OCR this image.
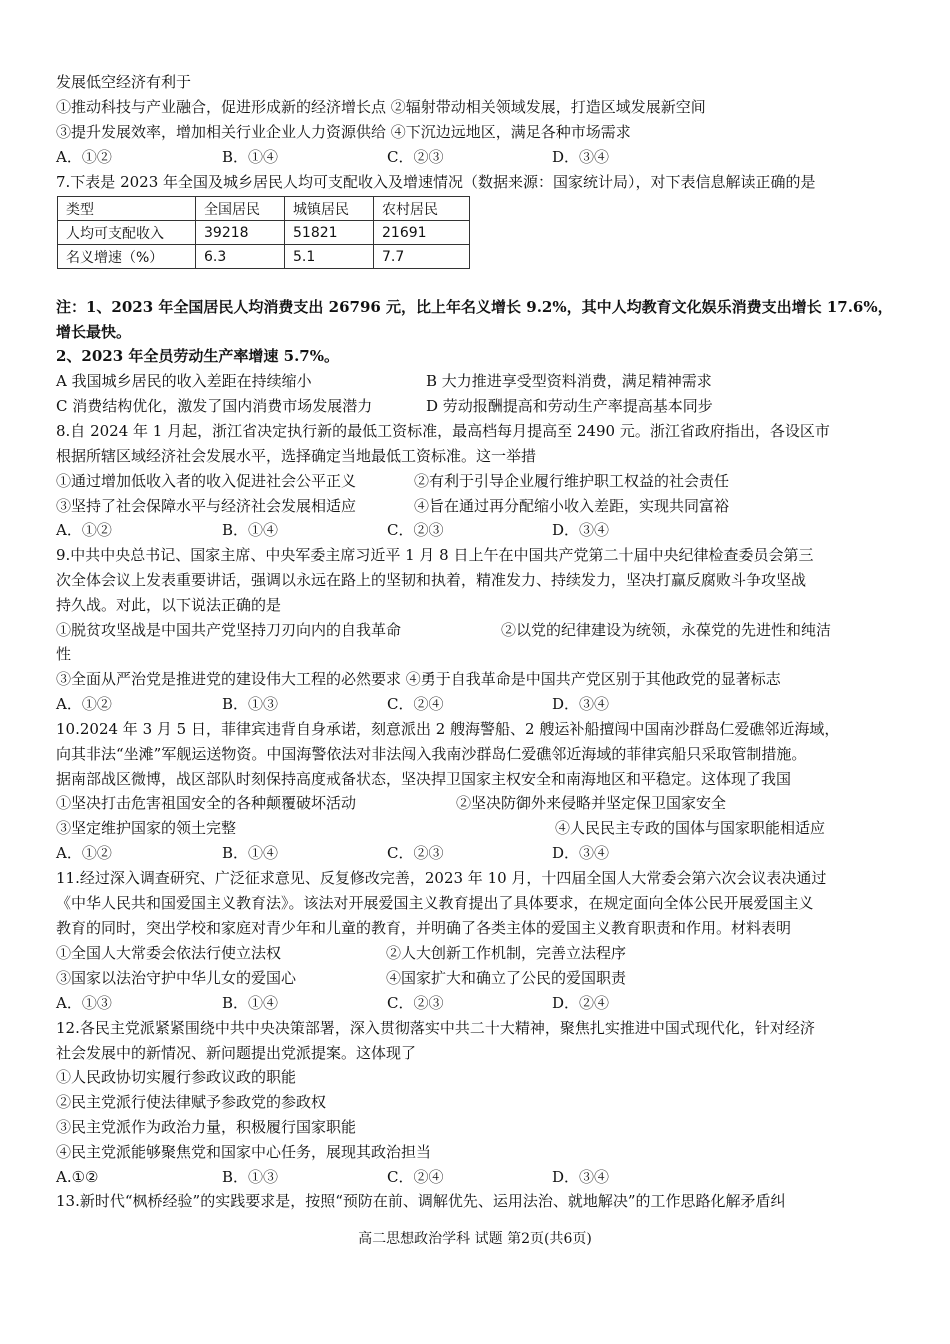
发展低空经济有利于
①推动科技与产业融合，促进形成新的经济增长点 ②辐射带动相关领域发展，打造区域发展新空间
③提升发展效率，增加相关行业企业人力资源供给 ④下沉边远地区，满足各种市场需求
A．①②	B．①④	C．②③	D．③④
7.下表是 2023 年全国及城乡居民人均可支配收入及增速情况（数据来源：国家统计局），对下表信息解读正确的是
类型	全国居民	城镇居民	农村居民
人均可支配收入	39218	51821	21691
名义增速（%）	6.3	5.1	7.7
注：1、2023 年全国居民人均消费支出 26796 元，比上年名义增长 9.2%，其中人均教育文化娱乐消费支出增长 17.6%，
增长最快。
2、2023 年全员劳动生产率增速 5.7%。
A 我国城乡居民的收入差距在持续缩小	B 大力推进享受型资料消费，满足精神需求
C 消费结构优化，激发了国内消费市场发展潜力	D 劳动报酬提高和劳动生产率提高基本同步
8.自 2024 年 1 月起，浙江省决定执行新的最低工资标准，最高档每月提高至 2490 元。浙江省政府指出，各设区市
根据所辖区域经济社会发展水平，选择确定当地最低工资标准。这一举措
①通过增加低收入者的收入促进社会公平正义	②有利于引导企业履行维护职工权益的社会责任
③坚持了社会保障水平与经济社会发展相适应	④旨在通过再分配缩小收入差距，实现共同富裕
A．①②	B．①④	C．②③	D．③④
9.中共中央总书记、国家主席、中央军委主席习近平 1 月 8 日上午在中国共产党第二十届中央纪律检查委员会第三
次全体会议上发表重要讲话，强调以永远在路上的坚韧和执着，精准发力、持续发力，坚决打赢反腐败斗争攻坚战
持久战。对此，以下说法正确的是
①脱贫攻坚战是中国共产党坚持刀刃向内的自我革命	②以党的纪律建设为统领，永葆党的先进性和纯洁
性
③全面从严治党是推进党的建设伟大工程的必然要求 ④勇于自我革命是中国共产党区别于其他政党的显著标志
A．①②	B．①③	C．②④	D．③④
10.2024 年 3 月 5 日，菲律宾违背自身承诺，刻意派出 2 艘海警船、2 艘运补船擅闯中国南沙群岛仁爱礁邻近海域，
向其非法“坐滩”军舰运送物资。中国海警依法对非法闯入我南沙群岛仁爱礁邻近海域的菲律宾船只采取管制措施。
据南部战区微博，战区部队时刻保持高度戒备状态，坚决捍卫国家主权安全和南海地区和平稳定。这体现了我国
①坚决打击危害祖国安全的各种颠覆破坏活动	②坚决防御外来侵略并坚定保卫国家安全
③坚定维护国家的领土完整	④人民民主专政的国体与国家职能相适应
A．①②	B．①④	C．②③	D．③④
11.经过深入调查研究、广泛征求意见、反复修改完善，2023 年 10 月，十四届全国人大常委会第六次会议表决通过
《中华人民共和国爱国主义教育法》。该法对开展爱国主义教育提出了具体要求，在规定面向全体公民开展爱国主义
教育的同时，突出学校和家庭对青少年和儿童的教育，并明确了各类主体的爱国主义教育职责和作用。材料表明
①全国人大常委会依法行使立法权	②人大创新工作机制，完善立法程序
③国家以法治守护中华儿女的爱国心	④国家扩大和确立了公民的爱国职责
A．①③	B．①④	C．②③	D．②④
12.各民主党派紧紧围绕中共中央决策部署，深入贯彻落实中共二十大精神，聚焦扎实推进中国式现代化，针对经济
社会发展中的新情况、新问题提出党派提案。这体现了
①人民政协切实履行参政议政的职能
②民主党派行使法律赋予参政党的参政权
③民主党派作为政治力量，积极履行国家职能
④民主党派能够聚焦党和国家中心任务，展现其政治担当
A.①②	B．①③	C．②④	D．③④
13.新时代“枫桥经验”的实践要求是，按照“预防在前、调解优先、运用法治、就地解决”的工作思路化解矛盾纠
高二思想政治学科 试题 第2页(共6页)
